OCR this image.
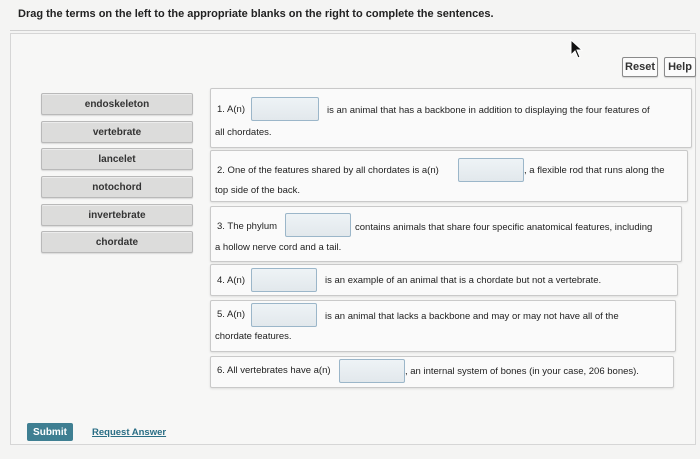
Drag the terms on the left to the appropriate blanks on the right to complete the sentences.
Reset	Help
endoskeleton
vertebrate
lancelet
notochord
invertebrate
chordate
1. A(n)	is an animal that has a backbone in addition to displaying the four features of
all chordates.
2. One of the features shared by all chordates is a(n)	, a flexible rod that runs along the
top side of the back.
3. The phylum	contains animals that share four specific anatomical features, including
a hollow nerve cord and a tail.
4. A(n)	is an example of an animal that is a chordate but not a vertebrate.
5. A(n)	is an animal that lacks a backbone and may or may not have all of the
chordate features.
6. All vertebrates have a(n)	, an internal system of bones (in your case, 206 bones).
Submit	Request Answer
